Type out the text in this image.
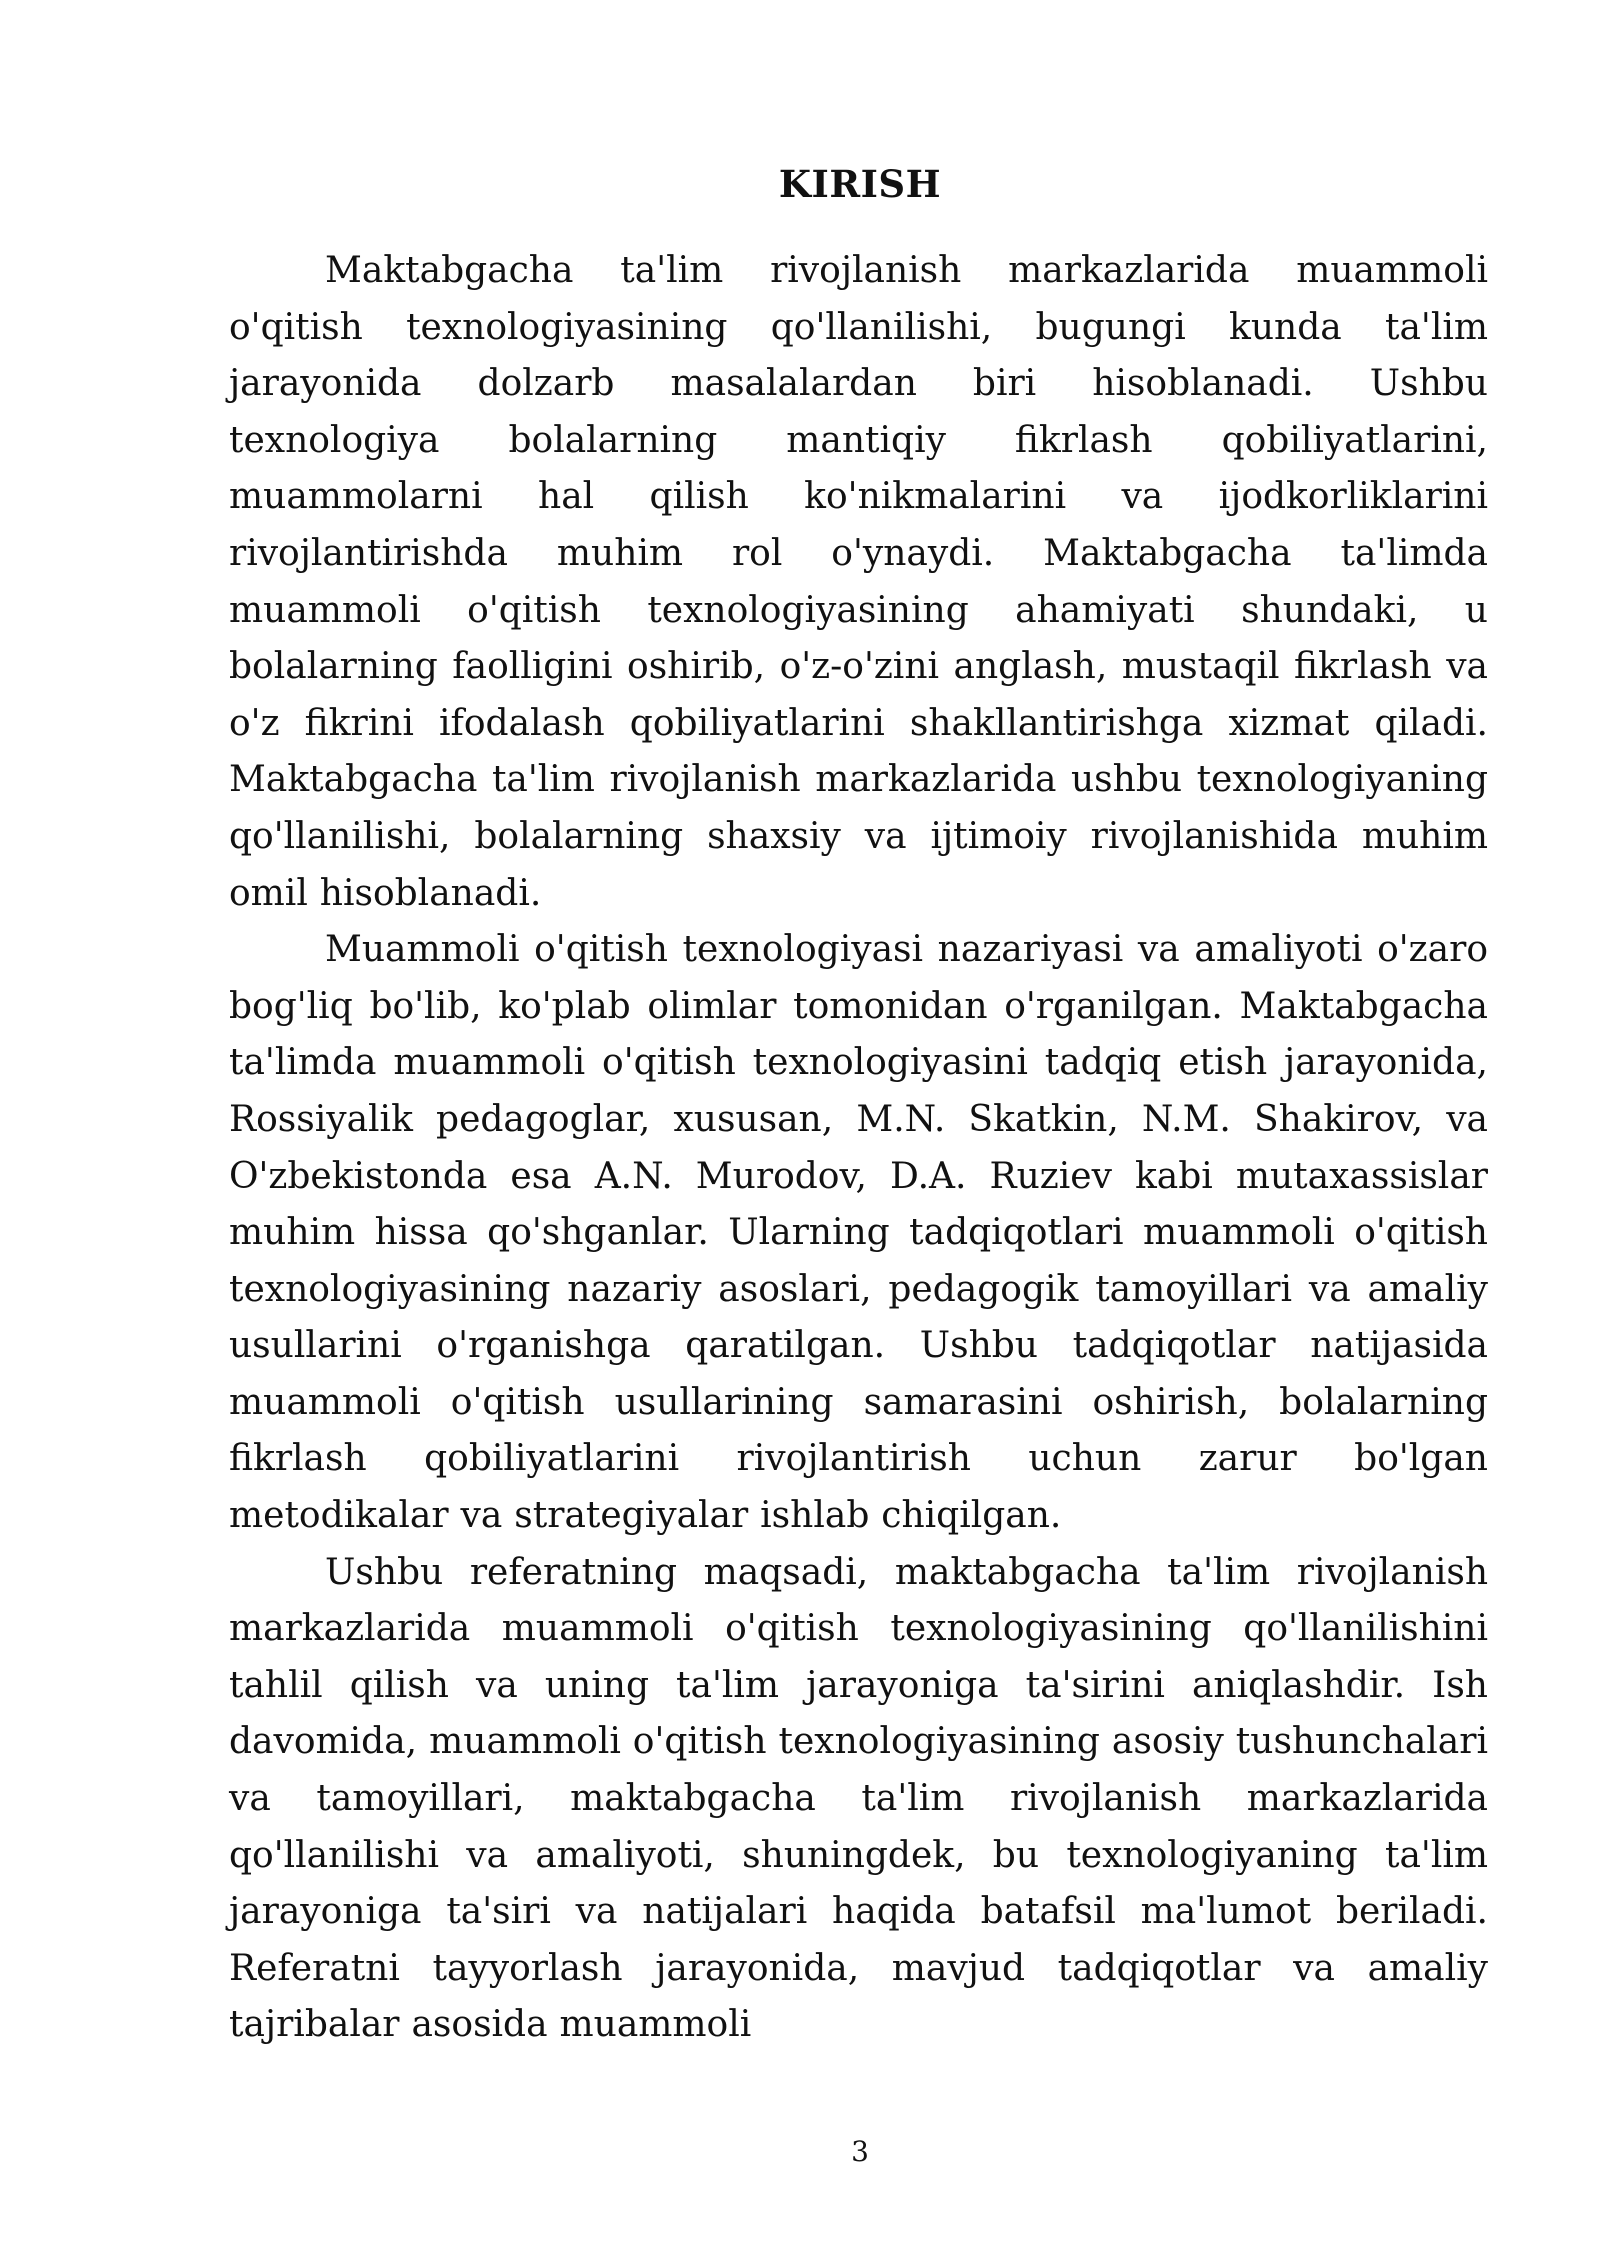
KIRISH

Maktabgacha ta'lim rivojlanish markazlarida muammoli o'qitish texnologiyasining qo'llanilishi, bugungi kunda ta'lim jarayonida dolzarb masalalardan biri hisoblanadi. Ushbu texnologiya bolalarning mantiqiy fikrlash qobiliyatlarini, muammolarni hal qilish ko'nikmalarini va ijodkorliklarini rivojlantirishda muhim rol o'ynaydi. Maktabgacha ta'limda muammoli o'qitish texnologiyasining ahamiyati shundaki, u bolalarning faolligini oshirib, o'z-o'zini anglash, mustaqil fikrlash va o'z fikrini ifodalash qobiliyatlarini shakllantirishga xizmat qiladi. Maktabgacha ta'lim rivojlanish markazlarida ushbu texnologiyaning qo'llanilishi, bolalarning shaxsiy va ijtimoiy rivojlanishida muhim omil hisoblanadi.

Muammoli o'qitish texnologiyasi nazariyasi va amaliyoti o'zaro bog'liq bo'lib, ko'plab olimlar tomonidan o'rganilgan. Maktabgacha ta'limda muammoli o'qitish texnologiyasini tadqiq etish jarayonida, Rossiyalik pedagoglar, xususan, M.N. Skatkin, N.M. Shakirov, va O'zbekistonda esa A.N. Murodov, D.A. Ruziev kabi mutaxassislar muhim hissa qo'shganlar. Ularning tadqiqotlari muammoli o'qitish texnologiyasining nazariy asoslari, pedagogik tamoyillari va amaliy usullarini o'rganishga qaratilgan. Ushbu tadqiqotlar natijasida muammoli o'qitish usullarining samarasini oshirish, bolalarning fikrlash qobiliyatlarini rivojlantirish uchun zarur bo'lgan metodikalar va strategiyalar ishlab chiqilgan.

Ushbu referatning maqsadi, maktabgacha ta'lim rivojlanish markazlarida muammoli o'qitish texnologiyasining qo'llanilishini tahlil qilish va uning ta'lim jarayoniga ta'sirini aniqlashdir. Ish davomida, muammoli o'qitish texnologiyasining asosiy tushunchalari va tamoyillari, maktabgacha ta'lim rivojlanish markazlarida qo'llanilishi va amaliyoti, shuningdek, bu texnologiyaning ta'lim jarayoniga ta'siri va natijalari haqida batafsil ma'lumot beriladi. Referatni tayyorlash jarayonida, mavjud tadqiqotlar va amaliy tajribalar asosida muammoli

3
